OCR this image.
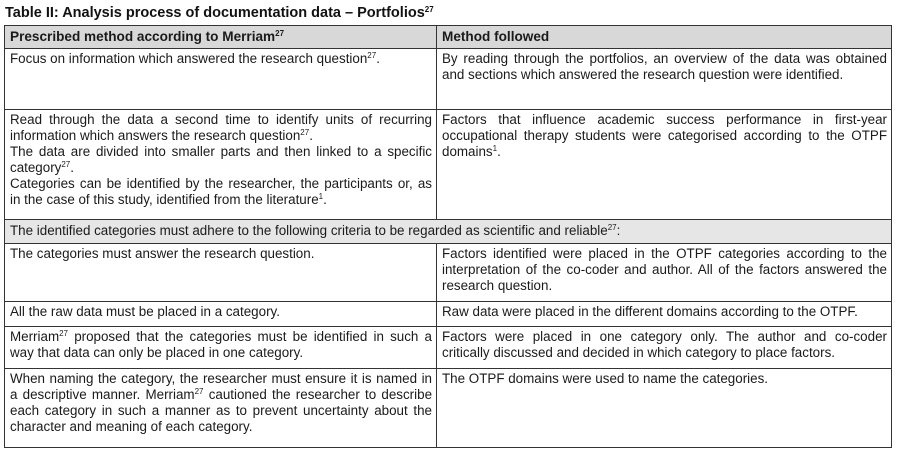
Table II: Analysis process of documentation data – Portfolios$^{27}$
Prescribed method according to Merriam$^{27}$	Method followed
Focus on information which answered the research question$^{27}$.	By reading through the portfolios, an overview of the data was obtained and sections which answered the research question were identified.

Read through the data a second time to identify units of recurring information which answers the research question$^{27}$.
The data are divided into smaller parts and then linked to a specific category$^{27}$.
Categories can be identified by the researcher, the participants or, as in the case of this study, identified from the literature$^1$.	Factors that influence academic success performance in first-year occupational therapy students were categorised according to the OTPF domains$^1$.
The identified categories must adhere to the following criteria to be regarded as scientific and reliable$^{27}$:	
The categories must answer the research question.	Factors identified were placed in the OTPF categories according to the interpretation of the co-coder and author. All of the factors answered the research question.
All the raw data must be placed in a category.	Raw data were placed in the different domains according to the OTPF.
Merriam$^{27}$ proposed that the categories must be identified in such a way that data can only be placed in one category.	Factors were placed in one category only. The author and co-coder critically discussed and decided in which category to place factors.
When naming the category, the researcher must ensure it is named in a descriptive manner. Merriam$^{27}$ cautioned the researcher to describe each category in such a manner as to prevent uncertainty about the character and meaning of each category.	The OTPF domains were used to name the categories.
